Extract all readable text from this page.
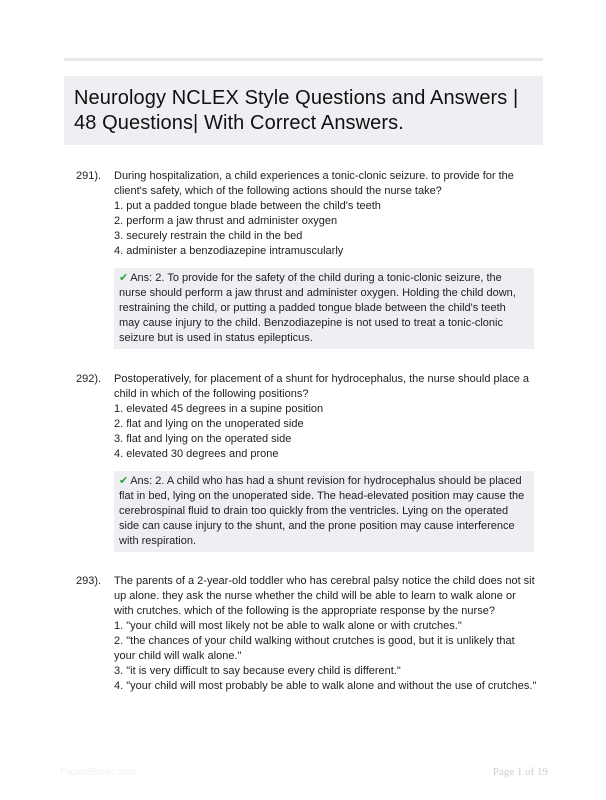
Neurology NCLEX Style Questions and Answers | 48 Questions| With Correct Answers.
291). During hospitalization, a child experiences a tonic-clonic seizure. to provide for the client's safety, which of the following actions should the nurse take?

1. put a padded tongue blade between the child's teeth
2. perform a jaw thrust and administer oxygen
3. securely restrain the child in the bed
4. administer a benzodiazepine intramuscularly
✔ Ans: 2. To provide for the safety of the child during a tonic-clonic seizure, the nurse should perform a jaw thrust and administer oxygen. Holding the child down, restraining the child, or putting a padded tongue blade between the child's teeth may cause injury to the child. Benzodiazepine is not used to treat a tonic-clonic seizure but is used in status epilepticus.
292). Postoperatively, for placement of a shunt for hydrocephalus, the nurse should place a child in which of the following positions?

1. elevated 45 degrees in a supine position
2. flat and lying on the unoperated side
3. flat and lying on the operated side
4. elevated 30 degrees and prone
✔ Ans: 2. A child who has had a shunt revision for hydrocephalus should be placed flat in bed, lying on the unoperated side. The head-elevated position may cause the cerebrospinal fluid to drain too quickly from the ventricles. Lying on the operated side can cause injury to the shunt, and the prone position may cause interference with respiration.
293). The parents of a 2-year-old toddler who has cerebral palsy notice the child does not sit up alone. they ask the nurse whether the child will be able to learn to walk alone or with crutches. which of the following is the appropriate response by the nurse?

1. "your child will most likely not be able to walk alone or with crutches."
2. "the chances of your child walking without crutches is good, but it is unlikely that your child will walk alone."
3. "it is very difficult to say because every child is different."
4. "your child will most probably be able to walk alone and without the use of crutches."
PaperStonic.com	Page 1 of 19
